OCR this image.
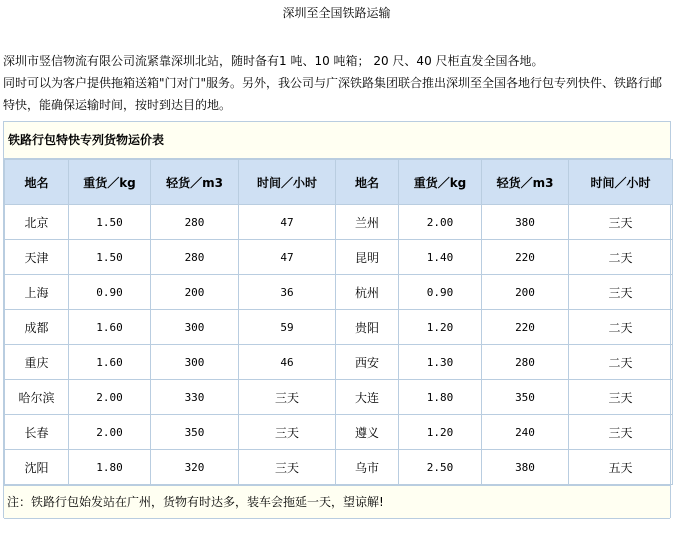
深圳至全国铁路运输
深圳市竖信物流有限公司流紧靠深圳北站，随时备有1 吨、10 吨箱； 20 尺、40 尺柜直发全国各地。
同时可以为客户提供拖箱送箱"门对门"服务。另外，我公司与广深铁路集团联合推出深圳至全国各地行包专列快件、铁路行邮特快，能确保运输时间，按时到达目的地。
铁路行包特快专列货物运价表
地名	重货／kg	轻货／m3	时间／小时	地名	重货／kg	轻货／m3	时间／小时
北京	1.50	280	47	兰州	2.00	380	三天
天津	1.50	280	47	昆明	1.40	220	二天
上海	0.90	200	36	杭州	0.90	200	三天
成都	1.60	300	59	贵阳	1.20	220	二天
重庆	1.60	300	46	西安	1.30	280	二天
哈尔滨	2.00	330	三天	大连	1.80	350	三天
长春	2.00	350	三天	遵义	1.20	240	三天
沈阳	1.80	320	三天	乌市	2.50	380	五天
注：铁路行包始发站在广州，货物有时达多，装车会拖延一天，望谅解!
